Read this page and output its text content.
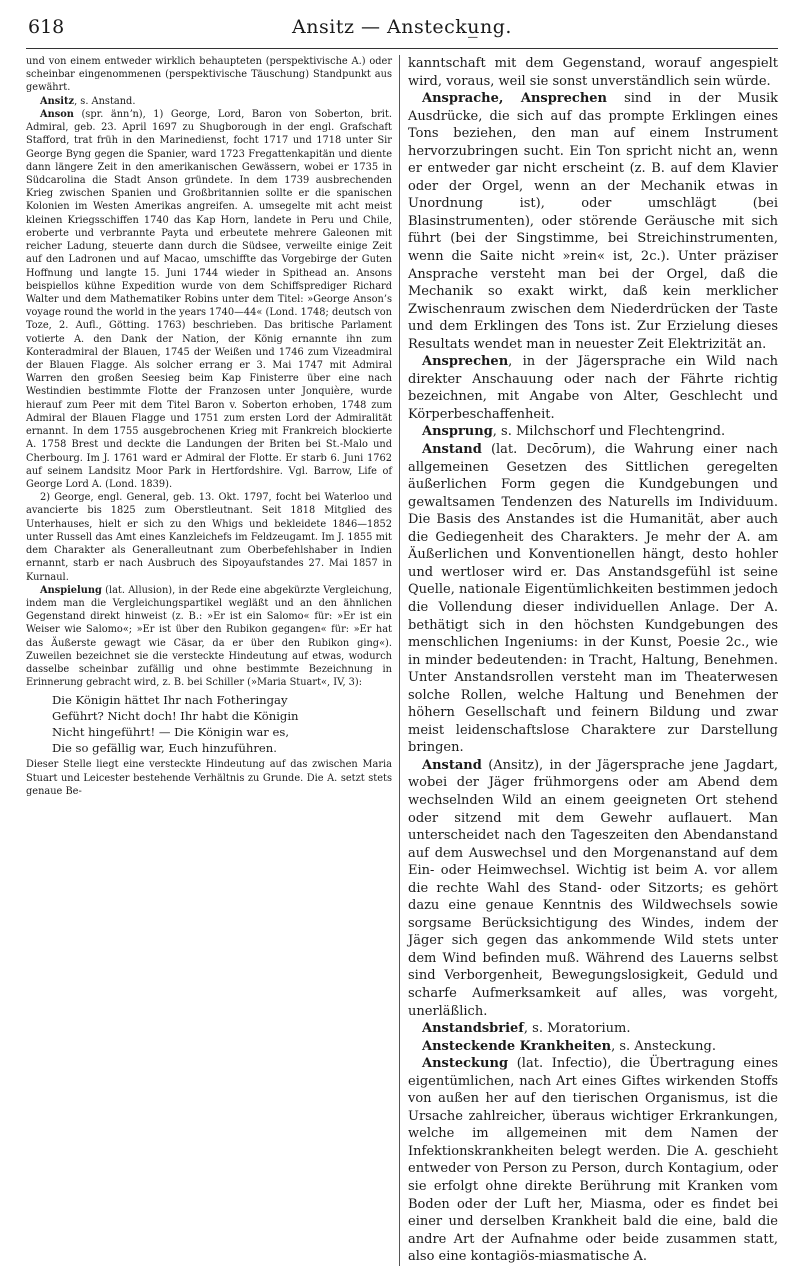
618	Ansitz — Anstecku̲ng.

und von einem entweder wirklich behaupteten (perspektivische A.) oder scheinbar eingenommenen (perspektivische Täuschung) Standpunkt aus gewährt.

Ansitz, s. Anstand.

Anson (spr. ännʼn), 1) George, Lord, Baron von Soberton, brit. Admiral, geb. 23. April 1697 zu Shugborough in der engl. Grafschaft Stafford, trat früh in den Marinedienst, focht 1717 und 1718 unter Sir George Byng gegen die Spanier, ward 1723 Fregattenkapitän und diente dann längere Zeit in den amerikanischen Gewässern, wobei er 1735 in Südcarolina die Stadt Anson gründete. In dem 1739 ausbrechenden Krieg zwischen Spanien und Großbritannien sollte er die spanischen Kolonien im Westen Amerikas angreifen. A. umsegelte mit acht meist kleinen Kriegsschiffen 1740 das Kap Horn, landete in Peru und Chile, eroberte und verbrannte Payta und erbeutete mehrere Galeonen mit reicher Ladung, steuerte dann durch die Südsee, verweilte einige Zeit auf den Ladronen und auf Macao, umschiffte das Vorgebirge der Guten Hoffnung und langte 15. Juni 1744 wieder in Spithead an. Ansons beispiellos kühne Expedition wurde von dem Schiffsprediger Richard Walter und dem Mathematiker Robins unter dem Titel: »George Anson’s voyage round the world in the years 1740—44« (Lond. 1748; deutsch von Toze, 2. Aufl., Götting. 1763) beschrieben. Das britische Parlament votierte A. den Dank der Nation, der König ernannte ihn zum Konteradmiral der Blauen, 1745 der Weißen und 1746 zum Vizeadmiral der Blauen Flagge. Als solcher errang er 3. Mai 1747 mit Admiral Warren den großen Seesieg beim Kap Finisterre über eine nach Westindien bestimmte Flotte der Franzosen unter Jonquière, wurde hierauf zum Peer mit dem Titel Baron v. Soberton erhoben, 1748 zum Admiral der Blauen Flagge und 1751 zum ersten Lord der Admiralität ernannt. In dem 1755 ausgebrochenen Krieg mit Frankreich blockierte A. 1758 Brest und deckte die Landungen der Briten bei St.-Malo und Cherbourg. Im J. 1761 ward er Admiral der Flotte. Er starb 6. Juni 1762 auf seinem Landsitz Moor Park in Hertfordshire. Vgl. Barrow, Life of George Lord A. (Lond. 1839).

2) George, engl. General, geb. 13. Okt. 1797, focht bei Waterloo und avancierte bis 1825 zum Oberstleutnant. Seit 1818 Mitglied des Unterhauses, hielt er sich zu den Whigs und bekleidete 1846—1852 unter Russell das Amt eines Kanzleichefs im Feldzeugamt. Im J. 1855 mit dem Charakter als Generalleutnant zum Oberbefehlshaber in Indien ernannt, starb er nach Ausbruch des Sipoyaufstandes 27. Mai 1857 in Kurnaul.

Anspielung (lat. Allusion), in der Rede eine abgekürzte Vergleichung, indem man die Vergleichungspartikel wegläßt und an den ähnlichen Gegenstand direkt hinweist (z. B.: »Er ist ein Salomo« für: »Er ist ein Weiser wie Salomo«; »Er ist über den Rubikon gegangen« für: »Er hat das Äußerste gewagt wie Cäsar, da er über den Rubikon ging«). Zuweilen bezeichnet sie die versteckte Hindeutung auf etwas, wodurch dasselbe scheinbar zufällig und ohne bestimmte Bezeichnung in Erinnerung gebracht wird, z. B. bei Schiller (»Maria Stuart«, IV, 3):

Die Königin hättet Ihr nach Fotheringay
Geführt? Nicht doch! Ihr habt die Königin
Nicht hingeführt! — Die Königin war es,
Die so gefällig war, Euch hinzuführen.

Dieser Stelle liegt eine versteckte Hindeutung auf das zwischen Maria Stuart und Leicester bestehende Verhältnis zu Grunde. Die A. setzt stets genaue Be-

kanntschaft mit dem Gegenstand, worauf angespielt wird, voraus, weil sie sonst unverständlich sein würde.

Ansprache, Ansprechen sind in der Musik Ausdrücke, die sich auf das prompte Erklingen eines Tons beziehen, den man auf einem Instrument hervorzubringen sucht. Ein Ton spricht nicht an, wenn er entweder gar nicht erscheint (z. B. auf dem Klavier oder der Orgel, wenn an der Mechanik etwas in Unordnung ist), oder umschlägt (bei Blasinstrumenten), oder störende Geräusche mit sich führt (bei der Singstimme, bei Streichinstrumenten, wenn die Saite nicht »rein« ist, 2c.). Unter präziser Ansprache versteht man bei der Orgel, daß die Mechanik so exakt wirkt, daß kein merklicher Zwischenraum zwischen dem Niederdrücken der Taste und dem Erklingen des Tons ist. Zur Erzielung dieses Resultats wendet man in neuester Zeit Elektrizität an.

Ansprechen, in der Jägersprache ein Wild nach direkter Anschauung oder nach der Fährte richtig bezeichnen, mit Angabe von Alter, Geschlecht und Körperbeschaffenheit.

Ansprung, s. Milchschorf und Flechtengrind.

Anstand (lat. Decōrum), die Wahrung einer nach allgemeinen Gesetzen des Sittlichen geregelten äußerlichen Form gegen die Kundgebungen und gewaltsamen Tendenzen des Naturells im Individuum. Die Basis des Anstandes ist die Humanität, aber auch die Gediegenheit des Charakters. Je mehr der A. am Äußerlichen und Konventionellen hängt, desto hohler und wertloser wird er. Das Anstandsgefühl ist seine Quelle, nationale Eigentümlichkeiten bestimmen jedoch die Vollendung dieser individuellen Anlage. Der A. bethätigt sich in den höchsten Kundgebungen des menschlichen Ingeniums: in der Kunst, Poesie 2c., wie in minder bedeutenden: in Tracht, Haltung, Benehmen. Unter Anstandsrollen versteht man im Theaterwesen solche Rollen, welche Haltung und Benehmen der höhern Gesellschaft und feinern Bildung und zwar meist leidenschaftslose Charaktere zur Darstellung bringen.

Anstand (Ansitz), in der Jägersprache jene Jagdart, wobei der Jäger frühmorgens oder am Abend dem wechselnden Wild an einem geeigneten Ort stehend oder sitzend mit dem Gewehr auflauert. Man unterscheidet nach den Tageszeiten den Abendanstand auf dem Auswechsel und den Morgenanstand auf dem Ein- oder Heimwechsel. Wichtig ist beim A. vor allem die rechte Wahl des Stand- oder Sitzorts; es gehört dazu eine genaue Kenntnis des Wildwechsels sowie sorgsame Berücksichtigung des Windes, indem der Jäger sich gegen das ankommende Wild stets unter dem Wind befinden muß. Während des Lauerns selbst sind Verborgenheit, Bewegungslosigkeit, Geduld und scharfe Aufmerksamkeit auf alles, was vorgeht, unerläßlich.

Anstandsbrief, s. Moratorium.

Ansteckende Krankheiten, s. Ansteckung.

Ansteckung (lat. Infectio), die Übertragung eines eigentümlichen, nach Art eines Giftes wirkenden Stoffs von außen her auf den tierischen Organismus, ist die Ursache zahlreicher, überaus wichtiger Erkrankungen, welche im allgemeinen mit dem Namen der Infektionskrankheiten belegt werden. Die A. geschieht entweder von Person zu Person, durch Kontagium, oder sie erfolgt ohne direkte Berührung mit Kranken vom Boden oder der Luft her, Miasma, oder es findet bei einer und derselben Krankheit bald die eine, bald die andre Art der Aufnahme oder beide zusammen statt, also eine kontagiös-miasmatische A.
